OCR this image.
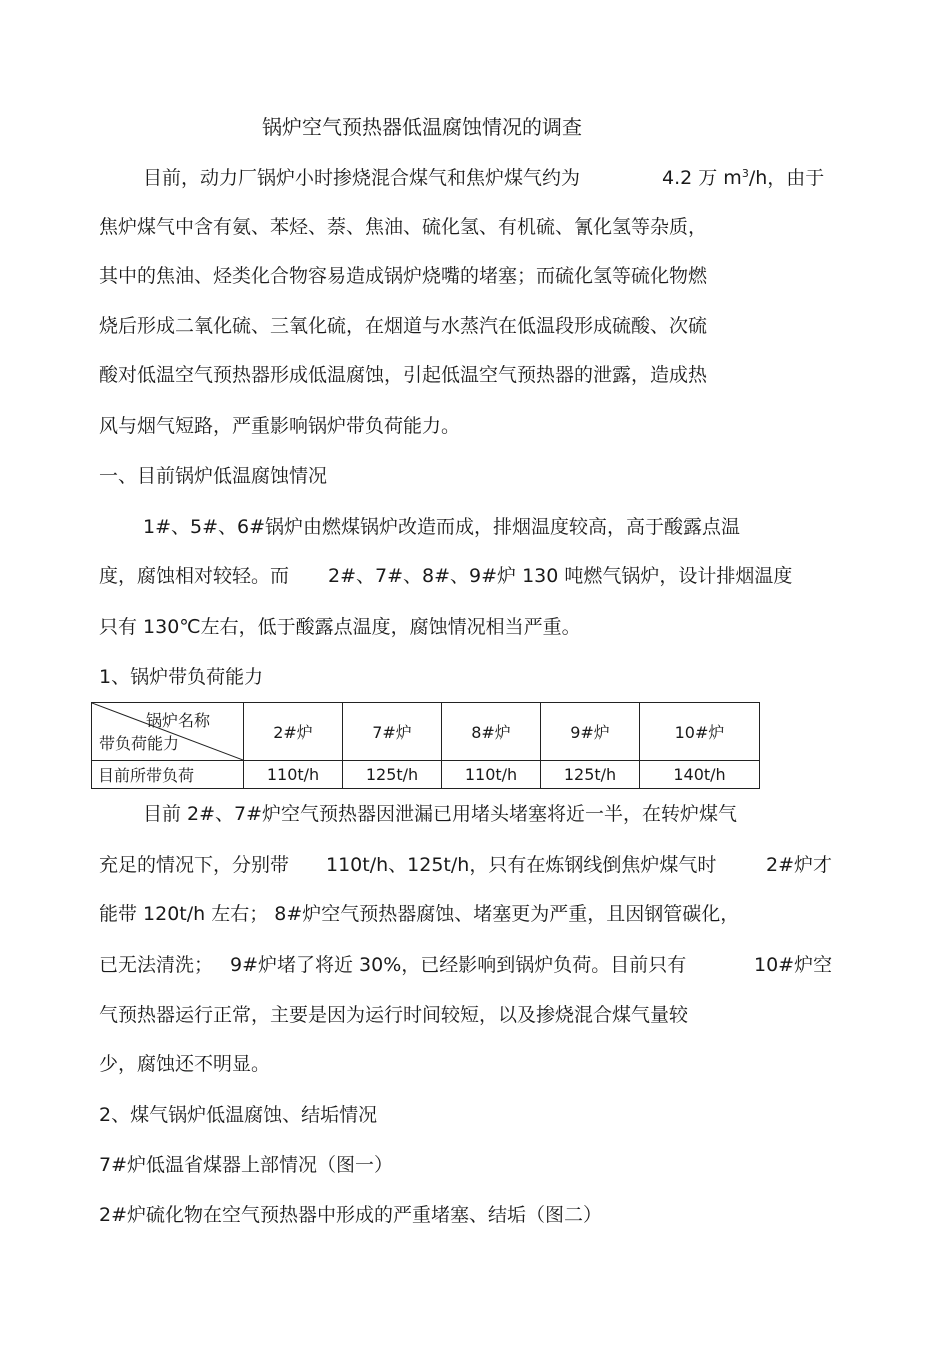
锅炉空气预热器低温腐蚀情况的调查
目前，动力厂锅炉小时掺烧混合煤气和焦炉煤气约为	4.2 万 $m^3/h$，由于
焦炉煤气中含有氨、苯烃、萘、焦油、硫化氢、有机硫、氰化氢等杂质，
其中的焦油、烃类化合物容易造成锅炉烧嘴的堵塞；而硫化氢等硫化物燃
烧后形成二氧化硫、三氧化硫，在烟道与水蒸汽在低温段形成硫酸、次硫
酸对低温空气预热器形成低温腐蚀，引起低温空气预热器的泄露，造成热
风与烟气短路，严重影响锅炉带负荷能力。
一、目前锅炉低温腐蚀情况
1#、5#、6#锅炉由燃煤锅炉改造而成，排烟温度较高，高于酸露点温
度，腐蚀相对较轻。而 2#、7#、8#、9#炉 130 吨燃气锅炉，设计排烟温度
只有 130℃左右，低于酸露点温度，腐蚀情况相当严重。
1、锅炉带负荷能力
锅炉名称
带负荷能力	2#炉	7#炉	8#炉	9#炉	10#炉
目前所带负荷	110t/h	125t/h	110t/h	125t/h	140t/h
目前 2#、7#炉空气预热器因泄漏已用堵头堵塞将近一半，在转炉煤气
充足的情况下，分别带 110t/h、125t/h，只有在炼钢线倒焦炉煤气时	2#炉才
能带 120t/h 左右； 8#炉空气预热器腐蚀、堵塞更为严重，且因钢管碳化，
已无法清洗； 9#炉堵了将近 30%，已经影响到锅炉负荷。目前只有	10#炉空
气预热器运行正常，主要是因为运行时间较短，以及掺烧混合煤气量较
少，腐蚀还不明显。
2、煤气锅炉低温腐蚀、结垢情况
7#炉低温省煤器上部情况（图一）
2#炉硫化物在空气预热器中形成的严重堵塞、结垢（图二）
